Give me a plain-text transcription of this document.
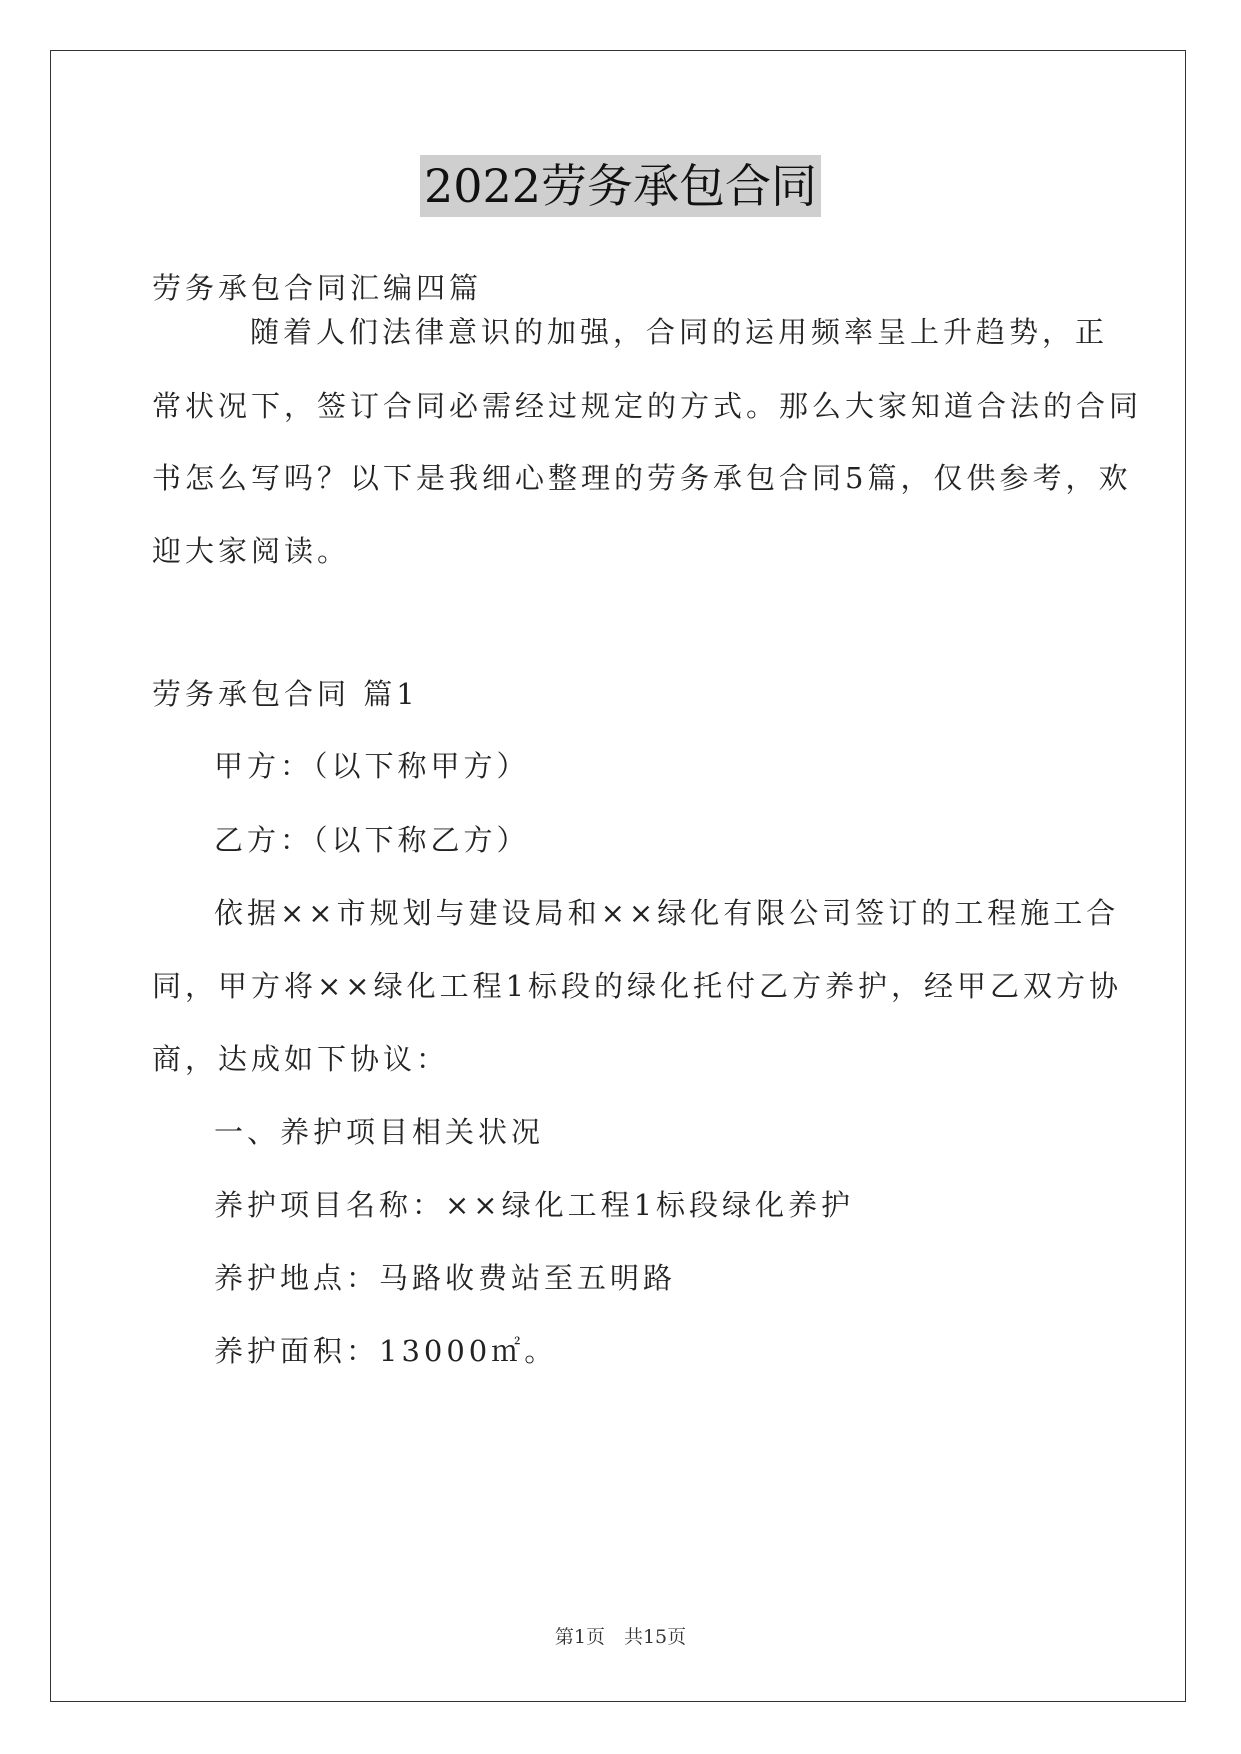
2022劳务承包合同

劳务承包合同汇编四篇

随着人们法律意识的加强，合同的运用频率呈上升趋势，正

常状况下，签订合同必需经过规定的方式。那么大家知道合法的合同

书怎么写吗？以下是我细心整理的劳务承包合同5篇，仅供参考，欢

迎大家阅读。

劳务承包合同 篇1

甲方：（以下称甲方）

乙方：（以下称乙方）

依据××市规划与建设局和××绿化有限公司签订的工程施工合

同，甲方将××绿化工程1标段的绿化托付乙方养护，经甲乙双方协

商，达成如下协议：

一、养护项目相关状况

养护项目名称：××绿化工程1标段绿化养护

养护地点：马路收费站至五明路

养护面积：13000㎡。

第1页　共15页
